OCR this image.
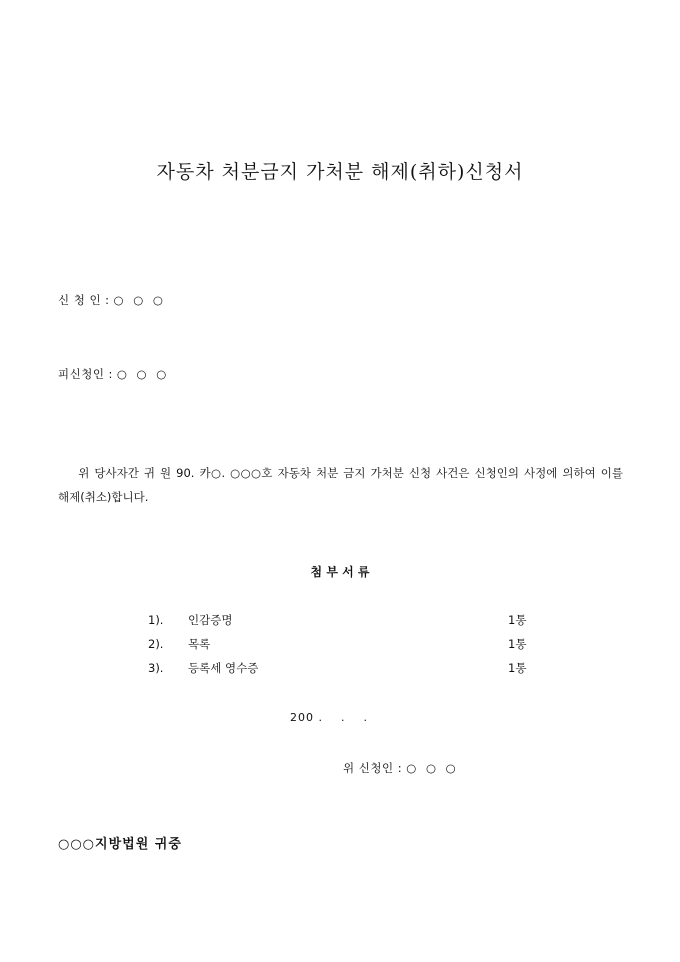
자동차 처분금지 가처분 해제(취하)신청서
신 청 인 : ○ ○ ○
피신청인 : ○ ○ ○
위 당사자간 귀 원 90. 카○. ○○○호 자동차 처분 금지 가처분 신청 사건은 신청인의 사정에 의하여 이를 해제(취소)합니다.
첨 부 서 류
1). 인감증명	1통
2). 목록	1통
3). 등록세 영수증	1통
200 .    .    .
위 신청인 : ○ ○ ○
○○○지방법원 귀중
